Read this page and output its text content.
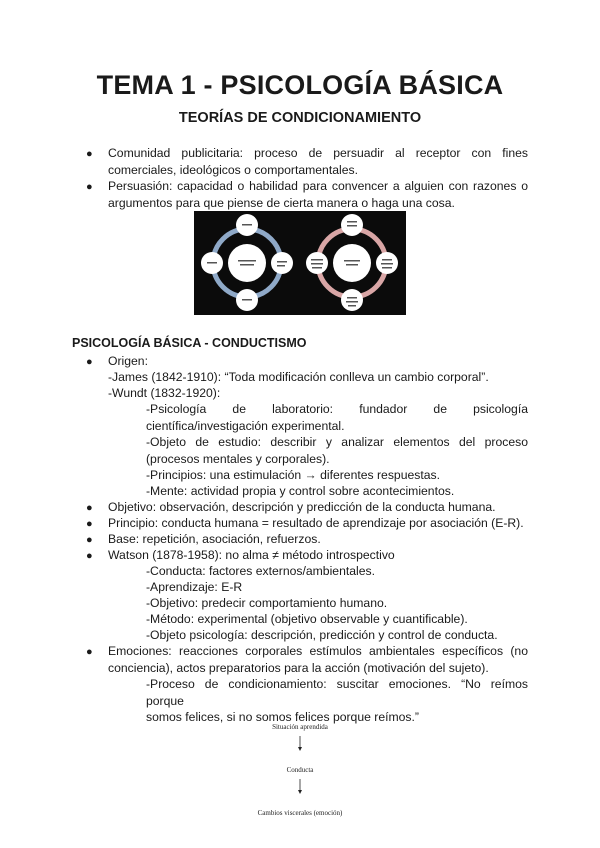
TEMA 1 - PSICOLOGÍA BÁSICA
TEORÍAS DE CONDICIONAMIENTO
● Comunidad publicitaria: proceso de persuadir al receptor con fines
comerciales, ideológicos o comportamentales.
● Persuasión: capacidad o habilidad para convencer a alguien con razones o
argumentos para que piense de cierta manera o haga una cosa.
PSICOLOGÍA BÁSICA - CONDUCTISMO
● Origen:
-James (1842-1910): “Toda modificación conlleva un cambio corporal”.
-Wundt (1832-1920):
-Psicología de laboratorio: fundador de psicología
científica/investigación experimental.
-Objeto de estudio: describir y analizar elementos del proceso
(procesos mentales y corporales).
-Principios: una estimulación → diferentes respuestas.
-Mente: actividad propia y control sobre acontecimientos.
● Objetivo: observación, descripción y predicción de la conducta humana.
● Principio: conducta humana = resultado de aprendizaje por asociación (E-R).
● Base: repetición, asociación, refuerzos.
● Watson (1878-1958): no alma ≠ método introspectivo
-Conducta: factores externos/ambientales.
-Aprendizaje: E-R
-Objetivo: predecir comportamiento humano.
-Método: experimental (objetivo observable y cuantificable).
-Objeto psicología: descripción, predicción y control de conducta.
● Emociones: reacciones corporales estímulos ambientales específicos (no
conciencia), actos preparatorios para la acción (motivación del sujeto).
-Proceso de condicionamiento: suscitar emociones. “No reímos porque
somos felices, si no somos felices porque reímos.”
Situación aprendida
Conducta
Cambios viscerales (emoción)
